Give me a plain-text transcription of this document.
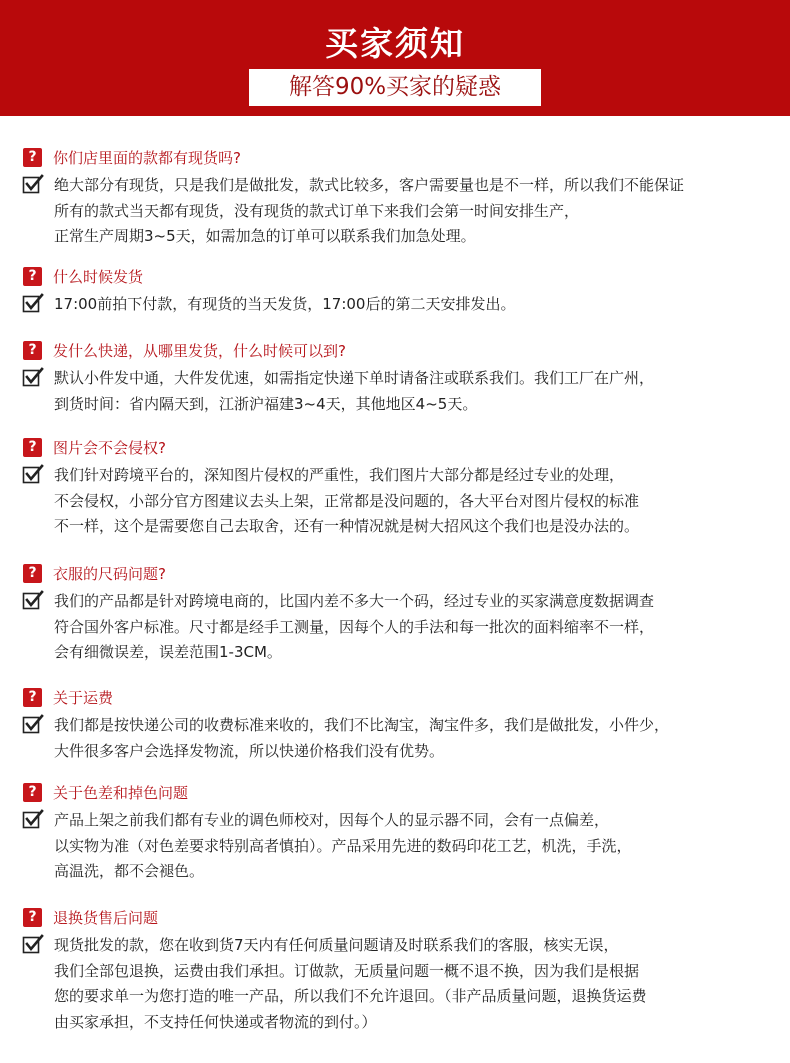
买家须知
解答90%买家的疑惑
?	你们店里面的款都有现货吗?
绝大部分有现货，只是我们是做批发，款式比较多，客户需要量也是不一样，所以我们不能保证
所有的款式当天都有现货，没有现货的款式订单下来我们会第一时间安排生产，
正常生产周期3~5天，如需加急的订单可以联系我们加急处理。
?	什么时候发货
17:00前拍下付款，有现货的当天发货，17:00后的第二天安排发出。
?	发什么快递，从哪里发货，什么时候可以到?
默认小件发中通，大件发优速，如需指定快递下单时请备注或联系我们。我们工厂在广州，
到货时间：省内隔天到，江浙沪福建3~4天，其他地区4~5天。
?	图片会不会侵权?
我们针对跨境平台的，深知图片侵权的严重性，我们图片大部分都是经过专业的处理，
不会侵权，小部分官方图建议去头上架，正常都是没问题的，各大平台对图片侵权的标准
不一样，这个是需要您自己去取舍，还有一种情况就是树大招风这个我们也是没办法的。
?	衣服的尺码问题?
我们的产品都是针对跨境电商的，比国内差不多大一个码，经过专业的买家满意度数据调查
符合国外客户标准。尺寸都是经手工测量，因每个人的手法和每一批次的面料缩率不一样，
会有细微误差，误差范围1-3CM。
?	关于运费
我们都是按快递公司的收费标准来收的，我们不比淘宝，淘宝件多，我们是做批发，小件少，
大件很多客户会选择发物流，所以快递价格我们没有优势。
?	关于色差和掉色问题
产品上架之前我们都有专业的调色师校对，因每个人的显示器不同，会有一点偏差，
以实物为准（对色差要求特别高者慎拍）。产品采用先进的数码印花工艺，机洗，手洗，
高温洗，都不会褪色。
?	退换货售后问题
现货批发的款，您在收到货7天内有任何质量问题请及时联系我们的客服，核实无误，
我们全部包退换，运费由我们承担。订做款，无质量问题一概不退不换，因为我们是根据
您的要求单一为您打造的唯一产品，所以我们不允许退回。（非产品质量问题，退换货运费
由买家承担，不支持任何快递或者物流的到付。）
